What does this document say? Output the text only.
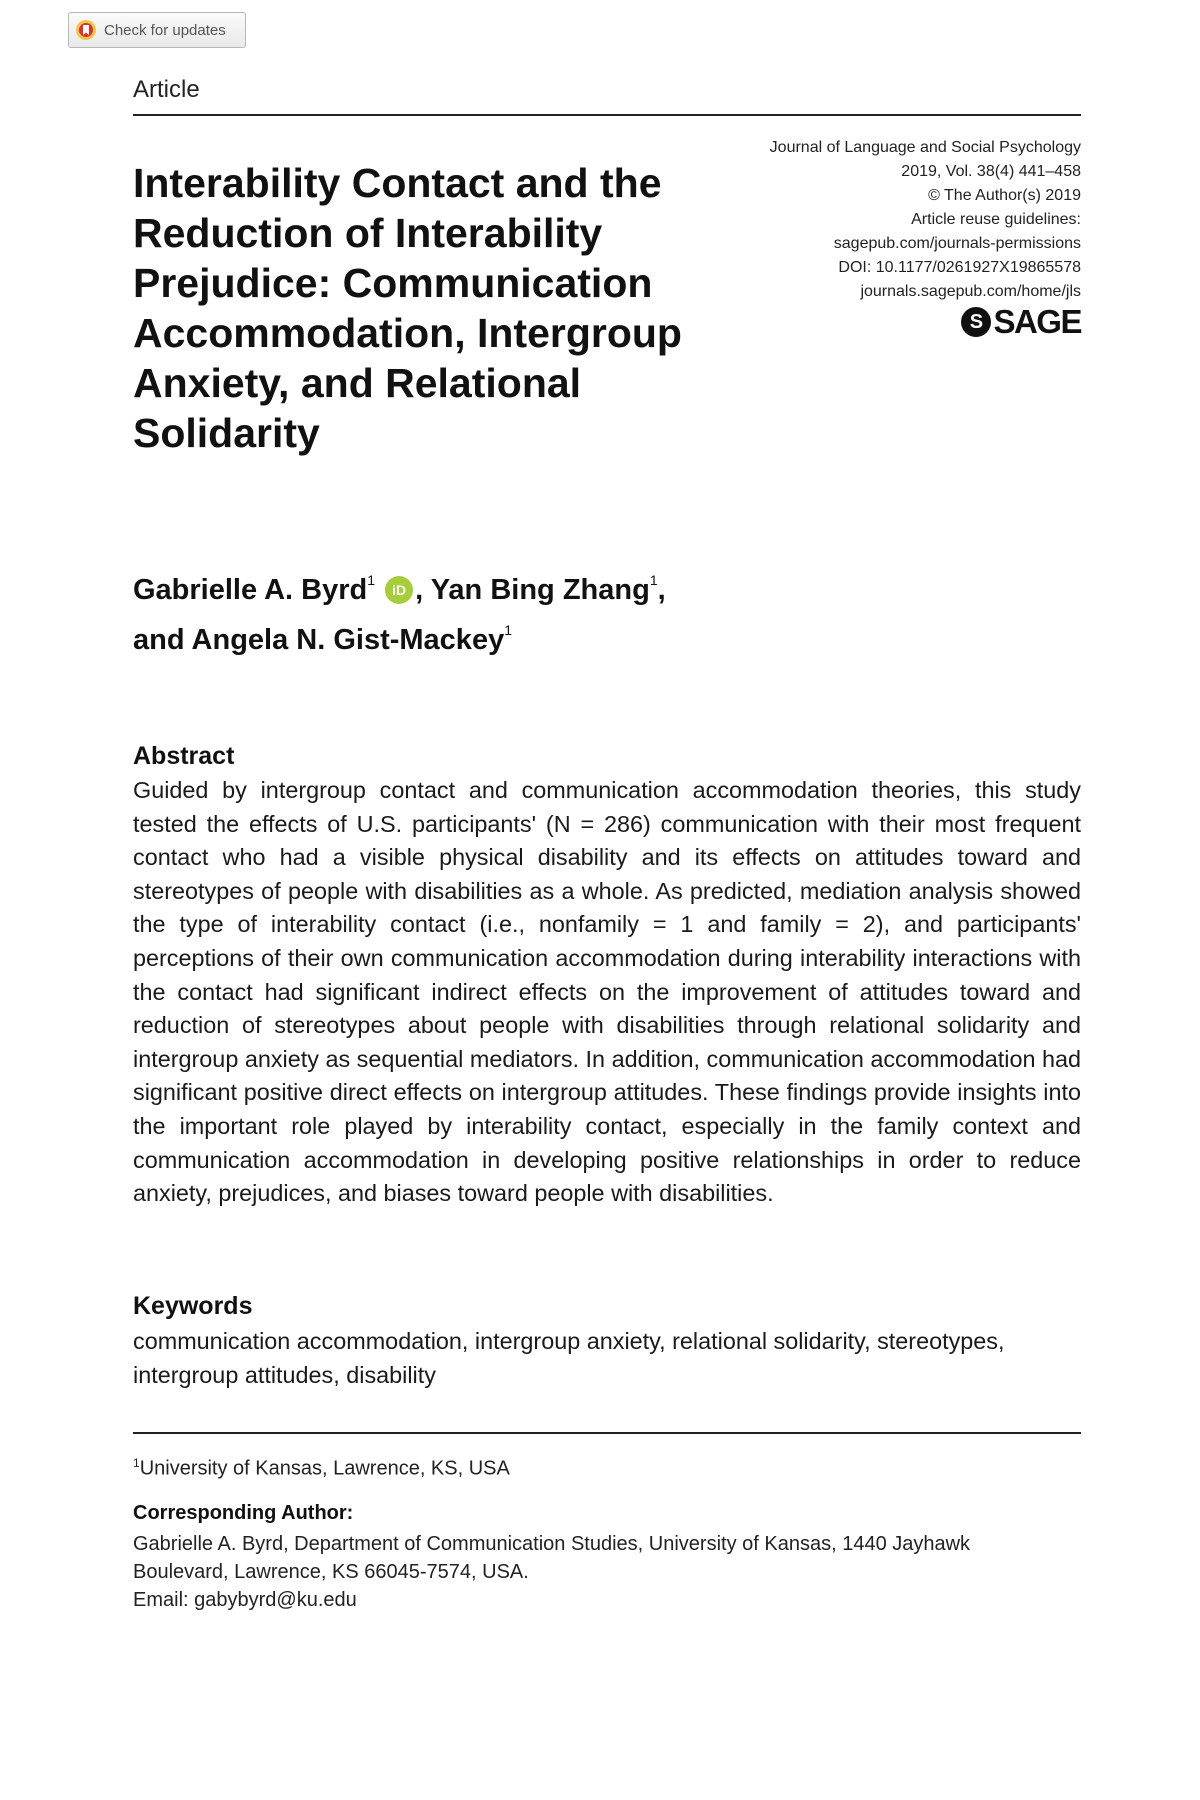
Check for updates
Article
Journal of Language and Social Psychology
2019, Vol. 38(4) 441–458
© The Author(s) 2019
Article reuse guidelines:
sagepub.com/journals-permissions
DOI: 10.1177/0261927X19865578
journals.sagepub.com/home/jls
S SAGE
Interability Contact and the Reduction of Interability Prejudice: Communication Accommodation, Intergroup Anxiety, and Relational Solidarity
Gabrielle A. Byrd$^1$ iD , Yan Bing Zhang$^1$,
and Angela N. Gist-Mackey$^1$
Abstract

Guided by intergroup contact and communication accommodation theories, this study tested the effects of U.S. participants' (N = 286) communication with their most frequent contact who had a visible physical disability and its effects on attitudes toward and stereotypes of people with disabilities as a whole. As predicted, mediation analysis showed the type of interability contact (i.e., nonfamily = 1 and family = 2), and participants' perceptions of their own communication accommodation during interability interactions with the contact had significant indirect effects on the improvement of attitudes toward and reduction of stereotypes about people with disabilities through relational solidarity and intergroup anxiety as sequential mediators. In addition, communication accommodation had significant positive direct effects on intergroup attitudes. These findings provide insights into the important role played by interability contact, especially in the family context and communication accommodation in developing positive relationships in order to reduce anxiety, prejudices, and biases toward people with disabilities.

Keywords

communication accommodation, intergroup anxiety, relational solidarity, stereotypes, intergroup attitudes, disability

$^1$University of Kansas, Lawrence, KS, USA
Corresponding Author:
Gabrielle A. Byrd, Department of Communication Studies, University of Kansas, 1440 Jayhawk
Boulevard, Lawrence, KS 66045-7574, USA.
Email: gabybyrd@ku.edu
